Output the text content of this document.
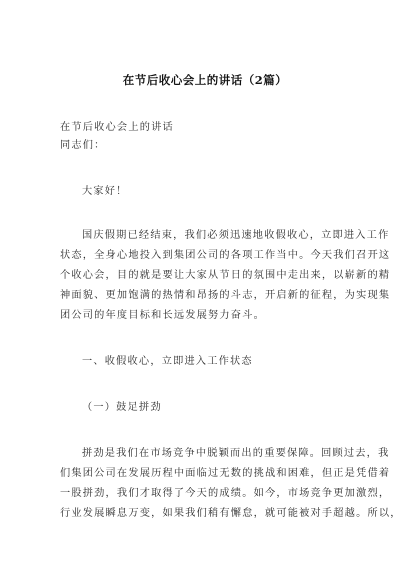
在节后收心会上的讲话（2篇）
在节后收心会上的讲话
同志们：
大家好！
国庆假期已经结束，我们必须迅速地收假收心，立即进入工作
状态，全身心地投入到集团公司的各项工作当中。今天我们召开这
个收心会，目的就是要让大家从节日的氛围中走出来，以崭新的精
神面貌、更加饱满的热情和昂扬的斗志，开启新的征程，为实现集
团公司的年度目标和长远发展努力奋斗。
一、收假收心，立即进入工作状态
（一）鼓足拼劲
拼劲是我们在市场竞争中脱颖而出的重要保障。回顾过去，我
们集团公司在发展历程中面临过无数的挑战和困难，但正是凭借着
一股拼劲，我们才取得了今天的成绩。如今，市场竞争更加激烈，
行业发展瞬息万变，如果我们稍有懈怠，就可能被对手超越。所以，
